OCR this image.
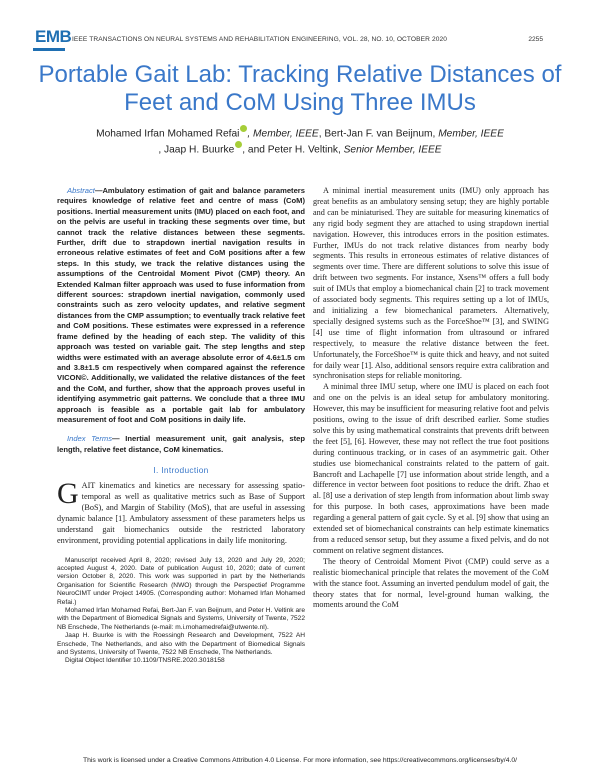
EMB IEEE TRANSACTIONS ON NEURAL SYSTEMS AND REHABILITATION ENGINEERING, VOL. 28, NO. 10, OCTOBER 2020	2255
Portable Gait Lab: Tracking Relative Distances of Feet and CoM Using Three IMUs
Mohamed Irfan Mohamed Refai , Member, IEEE, Bert-Jan F. van Beijnum, Member, IEEE
, Jaap H. Buurke , and Peter H. Veltink, Senior Member, IEEE

Abstract—Ambulatory estimation of gait and balance parameters requires knowledge of relative feet and centre of mass (CoM) positions. Inertial measurement units (IMU) placed on each foot, and on the pelvis are useful in tracking these segments over time, but cannot track the relative distances between these segments. Further, drift due to strapdown inertial navigation results in erroneous relative estimates of feet and CoM positions after a few steps. In this study, we track the relative distances using the assumptions of the Centroidal Moment Pivot (CMP) theory. An Extended Kalman filter approach was used to fuse information from different sources: strapdown inertial navigation, commonly used constraints such as zero velocity updates, and relative segment distances from the CMP assumption; to eventually track relative feet and CoM positions. These estimates were expressed in a reference frame defined by the heading of each step. The validity of this approach was tested on variable gait. The step lengths and step widths were estimated with an average absolute error of 4.6±1.5 cm and 3.8±1.5 cm respectively when compared against the reference VICON©. Additionally, we validated the relative distances of the feet and the CoM, and further, show that the approach proves useful in identifying asymmetric gait patterns. We conclude that a three IMU approach is feasible as a portable gait lab for ambulatory measurement of foot and CoM positions in daily life.

Index Terms— Inertial measurement unit, gait analysis, step length, relative feet distance, CoM kinematics.

I. Introduction

GAIT kinematics and kinetics are necessary for assessing spatio-temporal as well as qualitative metrics such as Base of Support (BoS), and Margin of Stability (MoS), that are useful in assessing dynamic balance [1]. Ambulatory assessment of these parameters helps us understand gait biomechanics outside the restricted laboratory environment, providing potential applications in daily life monitoring.

Manuscript received April 8, 2020; revised July 13, 2020 and July 29, 2020; accepted August 4, 2020. Date of publication August 10, 2020; date of current version October 8, 2020. This work was supported in part by the Netherlands Organisation for Scientific Research (NWO) through the Perspectief Programme NeuroCIMT under Project 14905. (Corresponding author: Mohamed Irfan Mohamed Refai.)

Mohamed Irfan Mohamed Refai, Bert-Jan F. van Beijnum, and Peter H. Veltink are with the Department of Biomedical Signals and Systems, University of Twente, 7522 NB Enschede, The Netherlands (e-mail: m.i.mohamedrefai@utwente.nl).

Jaap H. Buurke is with the Roessingh Research and Development, 7522 AH Enschede, The Netherlands, and also with the Department of Biomedical Signals and Systems, University of Twente, 7522 NB Enschede, The Netherlands.

Digital Object Identifier 10.1109/TNSRE.2020.3018158

A minimal inertial measurement units (IMU) only approach has great benefits as an ambulatory sensing setup; they are highly portable and can be miniaturised. They are suitable for measuring kinematics of any rigid body segment they are attached to using strapdown inertial navigation. However, this introduces errors in the position estimates. Further, IMUs do not track relative distances from nearby body segments. This results in erroneous estimates of relative distances of segments over time. There are different solutions to solve this issue of drift between two segments. For instance, Xsens™ offers a full body suit of IMUs that employ a biomechanical chain [2] to track movement of associated body segments. This requires setting up a lot of IMUs, and initializing a few biomechanical parameters. Alternatively, specially designed systems such as the ForceShoe™ [3], and SWING [4] use time of flight information from ultrasound or infrared respectively, to measure the relative distance between the feet. Unfortunately, the ForceShoe™ is quite thick and heavy, and not suited for daily wear [1]. Also, additional sensors require extra calibration and synchronisation steps for reliable monitoring.

A minimal three IMU setup, where one IMU is placed on each foot and one on the pelvis is an ideal setup for ambulatory monitoring. However, this may be insufficient for measuring relative foot and pelvis positions, owing to the issue of drift described earlier. Some studies solve this by using mathematical constraints that prevents drift between the feet [5], [6]. However, these may not reflect the true foot positions during continuous tracking, or in cases of an asymmetric gait. Other studies use biomechanical constraints related to the pattern of gait. Bancroft and Lachapelle [7] use information about stride length, and a difference in vector between foot positions to reduce the drift. Zhao et al. [8] use a derivation of step length from information about limb sway for this purpose. In both cases, approximations have been made regarding a general pattern of gait cycle. Sy et al. [9] show that using an extended set of biomechanical constraints can help estimate kinematics from a reduced sensor setup, but they assume a fixed pelvis, and do not comment on relative segment distances.

The theory of Centroidal Moment Pivot (CMP) could serve as a realistic biomechanical principle that relates the movement of the CoM with the stance foot. Assuming an inverted pendulum model of gait, the theory states that for normal, level-ground human walking, the moments around the CoM

This work is licensed under a Creative Commons Attribution 4.0 License. For more information, see https://creativecommons.org/licenses/by/4.0/
